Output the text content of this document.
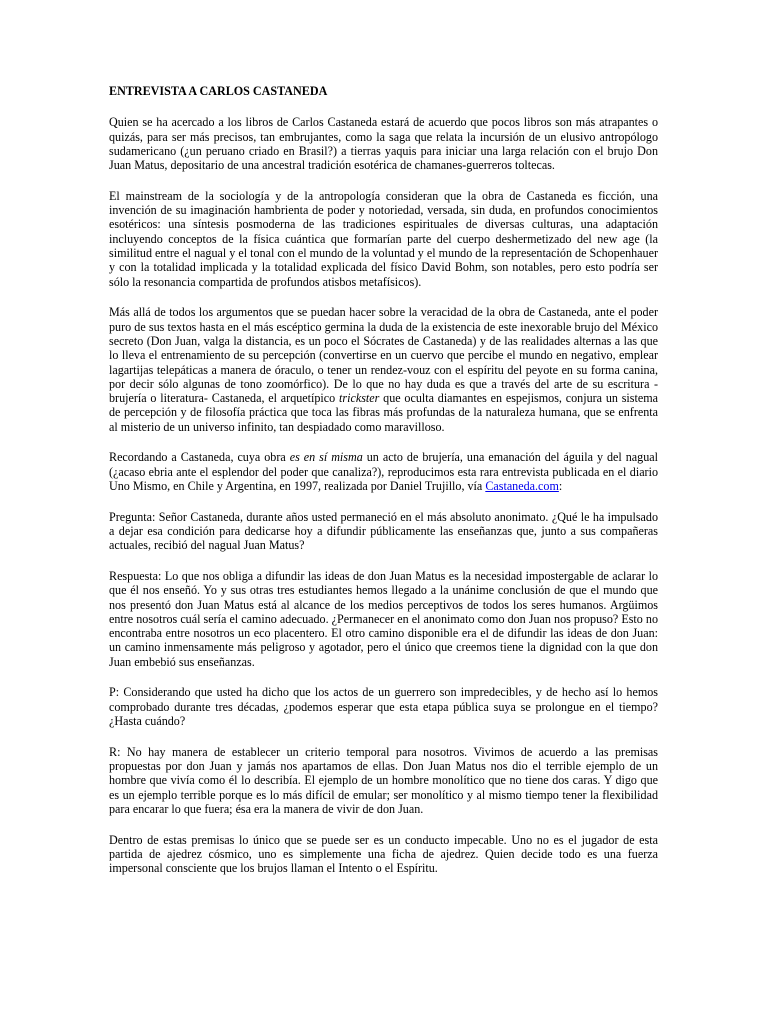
ENTREVISTA A CARLOS CASTANEDA

Quien se ha acercado a los libros de Carlos Castaneda estará de acuerdo que pocos libros son más atrapantes o quizás, para ser más precisos, tan embrujantes, como la saga que relata la incursión de un elusivo antropólogo sudamericano (¿un peruano criado en Brasil?) a tierras yaquis para iniciar una larga relación con el brujo Don Juan Matus, depositario de una ancestral tradición esotérica de chamanes-guerreros toltecas.

El mainstream de la sociología y de la antropología consideran que la obra de Castaneda es ficción, una invención de su imaginación hambrienta de poder y notoriedad, versada, sin duda, en profundos conocimientos esotéricos: una síntesis posmoderna de las tradiciones espirituales de diversas culturas, una adaptación incluyendo conceptos de la física cuántica que formarían parte del cuerpo deshermetizado del new age (la similitud entre el nagual y el tonal con el mundo de la voluntad y el mundo de la representación de Schopenhauer y con la totalidad implicada y la totalidad explicada del físico David Bohm, son notables, pero esto podría ser sólo la resonancia compartida de profundos atisbos metafísicos).

Más allá de todos los argumentos que se puedan hacer sobre la veracidad de la obra de Castaneda, ante el poder puro de sus textos hasta en el más escéptico germina la duda de la existencia de este inexorable brujo del México secreto (Don Juan, valga la distancia, es un poco el Sócrates de Castaneda) y de las realidades alternas a las que lo lleva el entrenamiento de su percepción (convertirse en un cuervo que percibe el mundo en negativo, emplear lagartijas telepáticas a manera de óraculo, o tener un rendez-vouz con el espíritu del peyote en su forma canina, por decir sólo algunas de tono zoomórfico). De lo que no hay duda es que a través del arte de su escritura -brujería o literatura- Castaneda, el arquetípico trickster que oculta diamantes en espejismos, conjura un sistema de percepción y de filosofía práctica que toca las fibras más profundas de la naturaleza humana, que se enfrenta al misterio de un universo infinito, tan despiadado como maravilloso.

Recordando a Castaneda, cuya obra es en sí misma un acto de brujería, una emanación del águila y del nagual (¿acaso ebria ante el esplendor del poder que canaliza?), reproducimos esta rara entrevista publicada en el diario Uno Mismo, en Chile y Argentina, en 1997, realizada por Daniel Trujillo, vía Castaneda.com:

Pregunta: Señor Castaneda, durante años usted permaneció en el más absoluto anonimato. ¿Qué le ha impulsado a dejar esa condición para dedicarse hoy a difundir públicamente las enseñanzas que, junto a sus compañeras actuales, recibió del nagual Juan Matus?

Respuesta: Lo que nos obliga a difundir las ideas de don Juan Matus es la necesidad impostergable de aclarar lo que él nos enseñó. Yo y sus otras tres estudiantes hemos llegado a la unánime conclusión de que el mundo que nos presentó don Juan Matus está al alcance de los medios perceptivos de todos los seres humanos. Argüimos entre nosotros cuál sería el camino adecuado. ¿Permanecer en el anonimato como don Juan nos propuso? Esto no encontraba entre nosotros un eco placentero. El otro camino disponible era el de difundir las ideas de don Juan: un camino inmensamente más peligroso y agotador, pero el único que creemos tiene la dignidad con la que don Juan embebió sus enseñanzas.

P: Considerando que usted ha dicho que los actos de un guerrero son impredecibles, y de hecho así lo hemos comprobado durante tres décadas, ¿podemos esperar que esta etapa pública suya se prolongue en el tiempo? ¿Hasta cuándo?

R: No hay manera de establecer un criterio temporal para nosotros. Vivimos de acuerdo a las premisas propuestas por don Juan y jamás nos apartamos de ellas. Don Juan Matus nos dio el terrible ejemplo de un hombre que vivía como él lo describía. El ejemplo de un hombre monolítico que no tiene dos caras. Y digo que es un ejemplo terrible porque es lo más difícil de emular; ser monolítico y al mismo tiempo tener la flexibilidad para encarar lo que fuera; ésa era la manera de vivir de don Juan.

Dentro de estas premisas lo único que se puede ser es un conducto impecable. Uno no es el jugador de esta partida de ajedrez cósmico, uno es simplemente una ficha de ajedrez. Quien decide todo es una fuerza impersonal consciente que los brujos llaman el Intento o el Espíritu.
